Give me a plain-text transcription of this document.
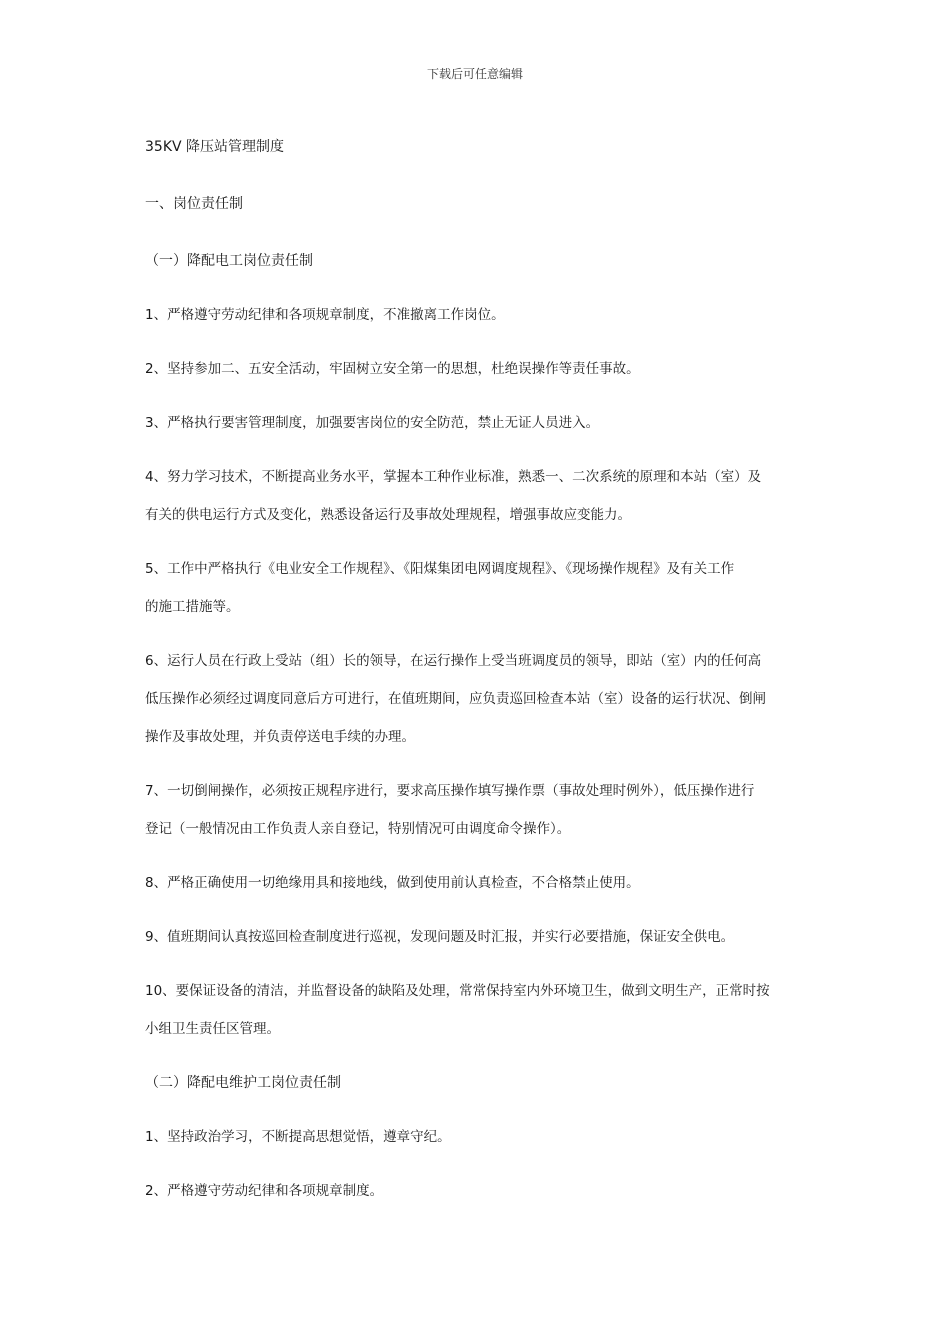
下载后可任意编辑

35KV 降压站管理制度

一、岗位责任制

（一）降配电工岗位责任制

1、严格遵守劳动纪律和各项规章制度，不准撤离工作岗位。

2、坚持参加二、五安全活动，牢固树立安全第一的思想，杜绝误操作等责任事故。

3、严格执行要害管理制度，加强要害岗位的安全防范，禁止无证人员进入。

4、努力学习技术，不断提高业务水平，掌握本工种作业标准，熟悉一、二次系统的原理和本站（室）及
有关的供电运行方式及变化，熟悉设备运行及事故处理规程，增强事故应变能力。

5、工作中严格执行《电业安全工作规程》、《阳煤集团电网调度规程》、《现场操作规程》及有关工作
的施工措施等。

6、运行人员在行政上受站（组）长的领导，在运行操作上受当班调度员的领导，即站（室）内的任何高
低压操作必须经过调度同意后方可进行，在值班期间，应负责巡回检查本站（室）设备的运行状况、倒闸
操作及事故处理，并负责停送电手续的办理。

7、一切倒闸操作，必须按正规程序进行，要求高压操作填写操作票（事故处理时例外），低压操作进行
登记（一般情况由工作负责人亲自登记，特别情况可由调度命令操作）。

8、严格正确使用一切绝缘用具和接地线，做到使用前认真检查，不合格禁止使用。

9、值班期间认真按巡回检查制度进行巡视，发现问题及时汇报，并实行必要措施，保证安全供电。

10、要保证设备的清洁，并监督设备的缺陷及处理，常常保持室内外环境卫生，做到文明生产，正常时按
小组卫生责任区管理。

（二）降配电维护工岗位责任制

1、坚持政治学习，不断提高思想觉悟，遵章守纪。

2、严格遵守劳动纪律和各项规章制度。
